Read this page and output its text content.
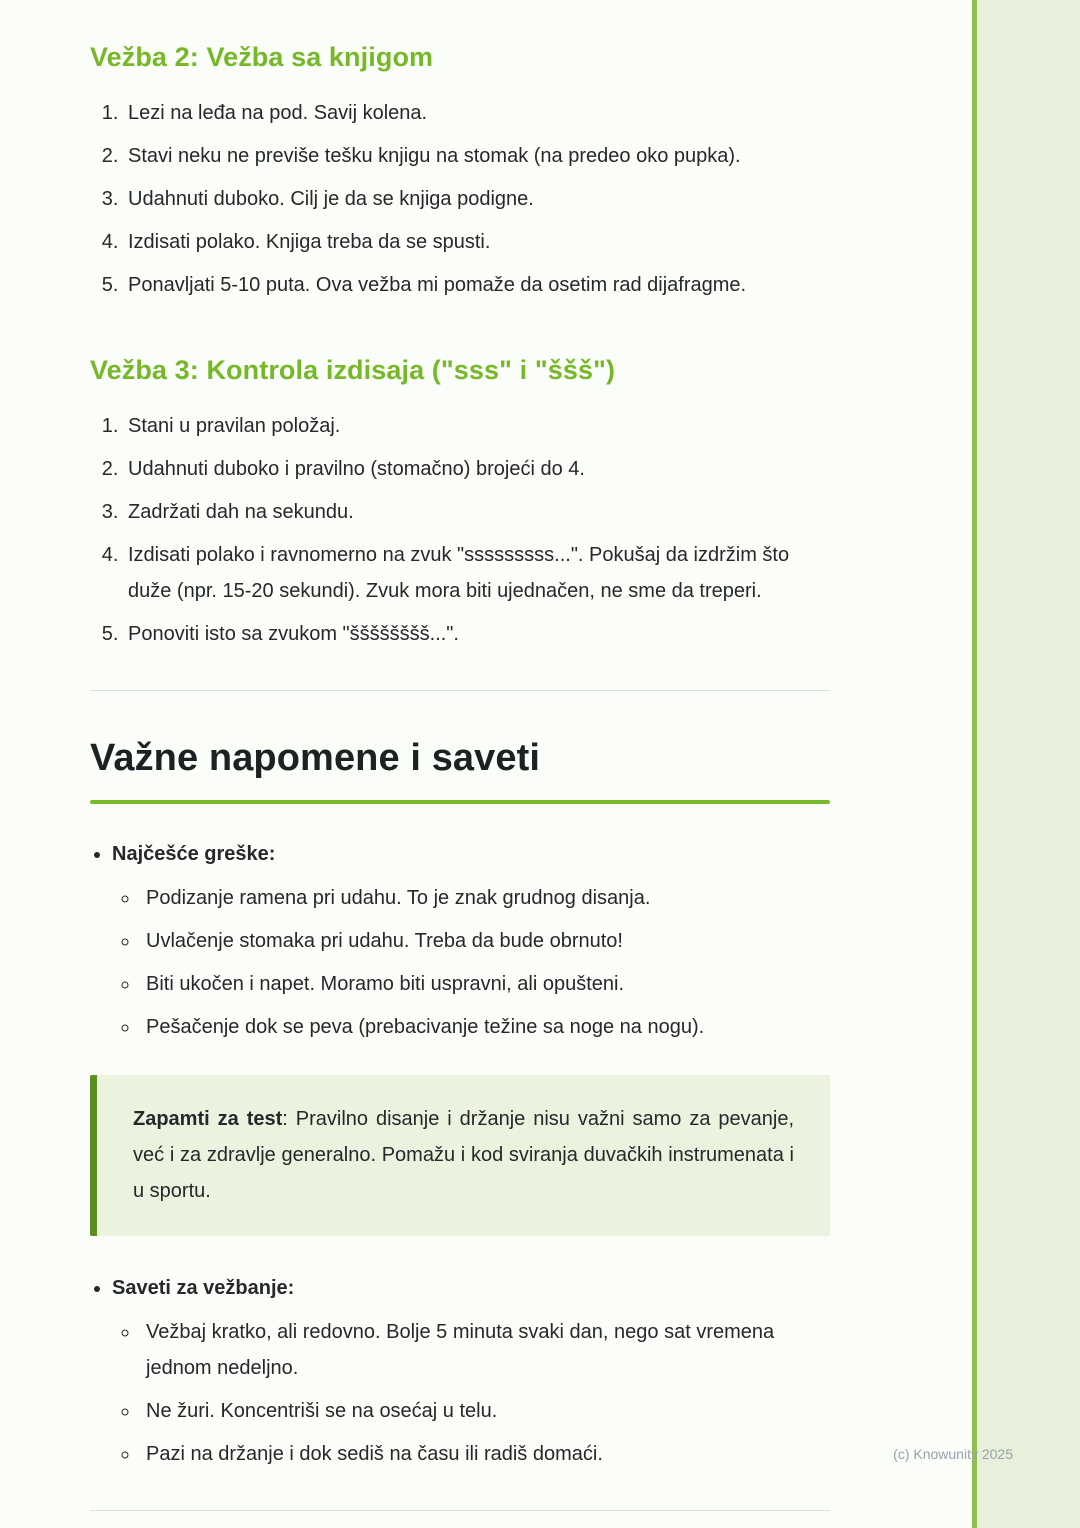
Vežba 2: Vežba sa knjigom
1. Lezi na leđa na pod. Savij kolena.
2. Stavi neku ne previše tešku knjigu na stomak (na predeo oko pupka).
3. Udahnuti duboko. Cilj je da se knjiga podigne.
4. Izdisati polako. Knjiga treba da se spusti.
5. Ponavljati 5-10 puta. Ova vežba mi pomaže da osetim rad dijafragme.
Vežba 3: Kontrola izdisaja ("sss" i "ššš")
1. Stani u pravilan položaj.
2. Udahnuti duboko i pravilno (stomačno) brojeći do 4.
3. Zadržati dah na sekundu.
4. Izdisati polako i ravnomerno na zvuk "sssssssss...". Pokušaj da izdržim što duže (npr. 15-20 sekundi). Zvuk mora biti ujednačen, ne sme da treperi.
5. Ponoviti isto sa zvukom "šššššššš...".
Važne napomene i saveti
• Najčešće greške:
◦ Podizanje ramena pri udahu. To je znak grudnog disanja.
◦ Uvlačenje stomaka pri udahu. Treba da bude obrnuto!
◦ Biti ukočen i napet. Moramo biti uspravni, ali opušteni.
◦ Pešačenje dok se peva (prebacivanje težine sa noge na nogu).

Zapamti za test: Pravilno disanje i držanje nisu važni samo za pevanje, već i za zdravlje generalno. Pomažu i kod sviranja duvačkih instrumenata i u sportu.

• Saveti za vežbanje:
◦ Vežbaj kratko, ali redovno. Bolje 5 minuta svaki dan, nego sat vremena jednom nedeljno.
◦ Ne žuri. Koncentriši se na osećaj u telu.
◦ Pazi na držanje i dok sediš na času ili radiš domaći.	(c) Knowunity 2025
